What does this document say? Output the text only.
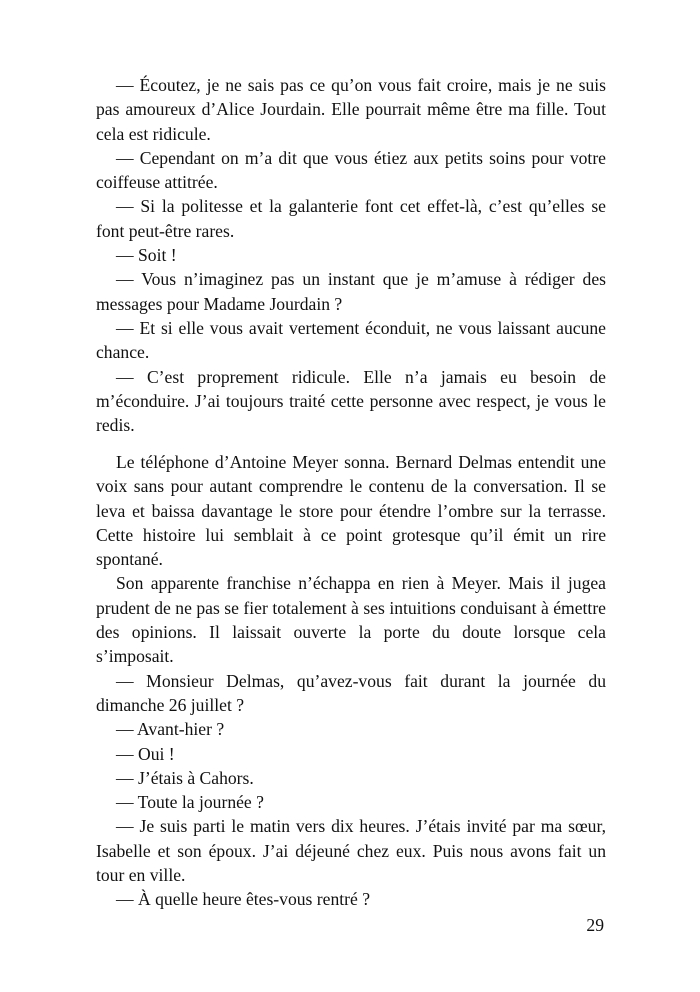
— Écoutez, je ne sais pas ce qu’on vous fait croire, mais je ne suis pas amoureux d’Alice Jourdain. Elle pourrait même être ma fille. Tout cela est ridicule.

— Cependant on m’a dit que vous étiez aux petits soins pour votre coiffeuse attitrée.

— Si la politesse et la galanterie font cet effet-là, c’est qu’elles se font peut-être rares.

— Soit !

— Vous n’imaginez pas un instant que je m’amuse à rédiger des messages pour Madame Jourdain ?

— Et si elle vous avait vertement éconduit, ne vous laissant aucune chance.

— C’est proprement ridicule. Elle n’a jamais eu besoin de m’éconduire. J’ai toujours traité cette personne avec respect, je vous le redis.

Le téléphone d’Antoine Meyer sonna. Bernard Delmas entendit une voix sans pour autant comprendre le contenu de la conversation. Il se leva et baissa davantage le store pour étendre l’ombre sur la terrasse. Cette histoire lui semblait à ce point grotesque qu’il émit un rire spontané.

Son apparente franchise n’échappa en rien à Meyer. Mais il jugea prudent de ne pas se fier totalement à ses intuitions conduisant à émettre des opinions. Il laissait ouverte la porte du doute lorsque cela s’imposait.

— Monsieur Delmas, qu’avez-vous fait durant la journée du dimanche 26 juillet ?

— Avant-hier ?

— Oui !

— J’étais à Cahors.

— Toute la journée ?

— Je suis parti le matin vers dix heures. J’étais invité par ma sœur, Isabelle et son époux. J’ai déjeuné chez eux. Puis nous avons fait un tour en ville.

— À quelle heure êtes-vous rentré ?

29
